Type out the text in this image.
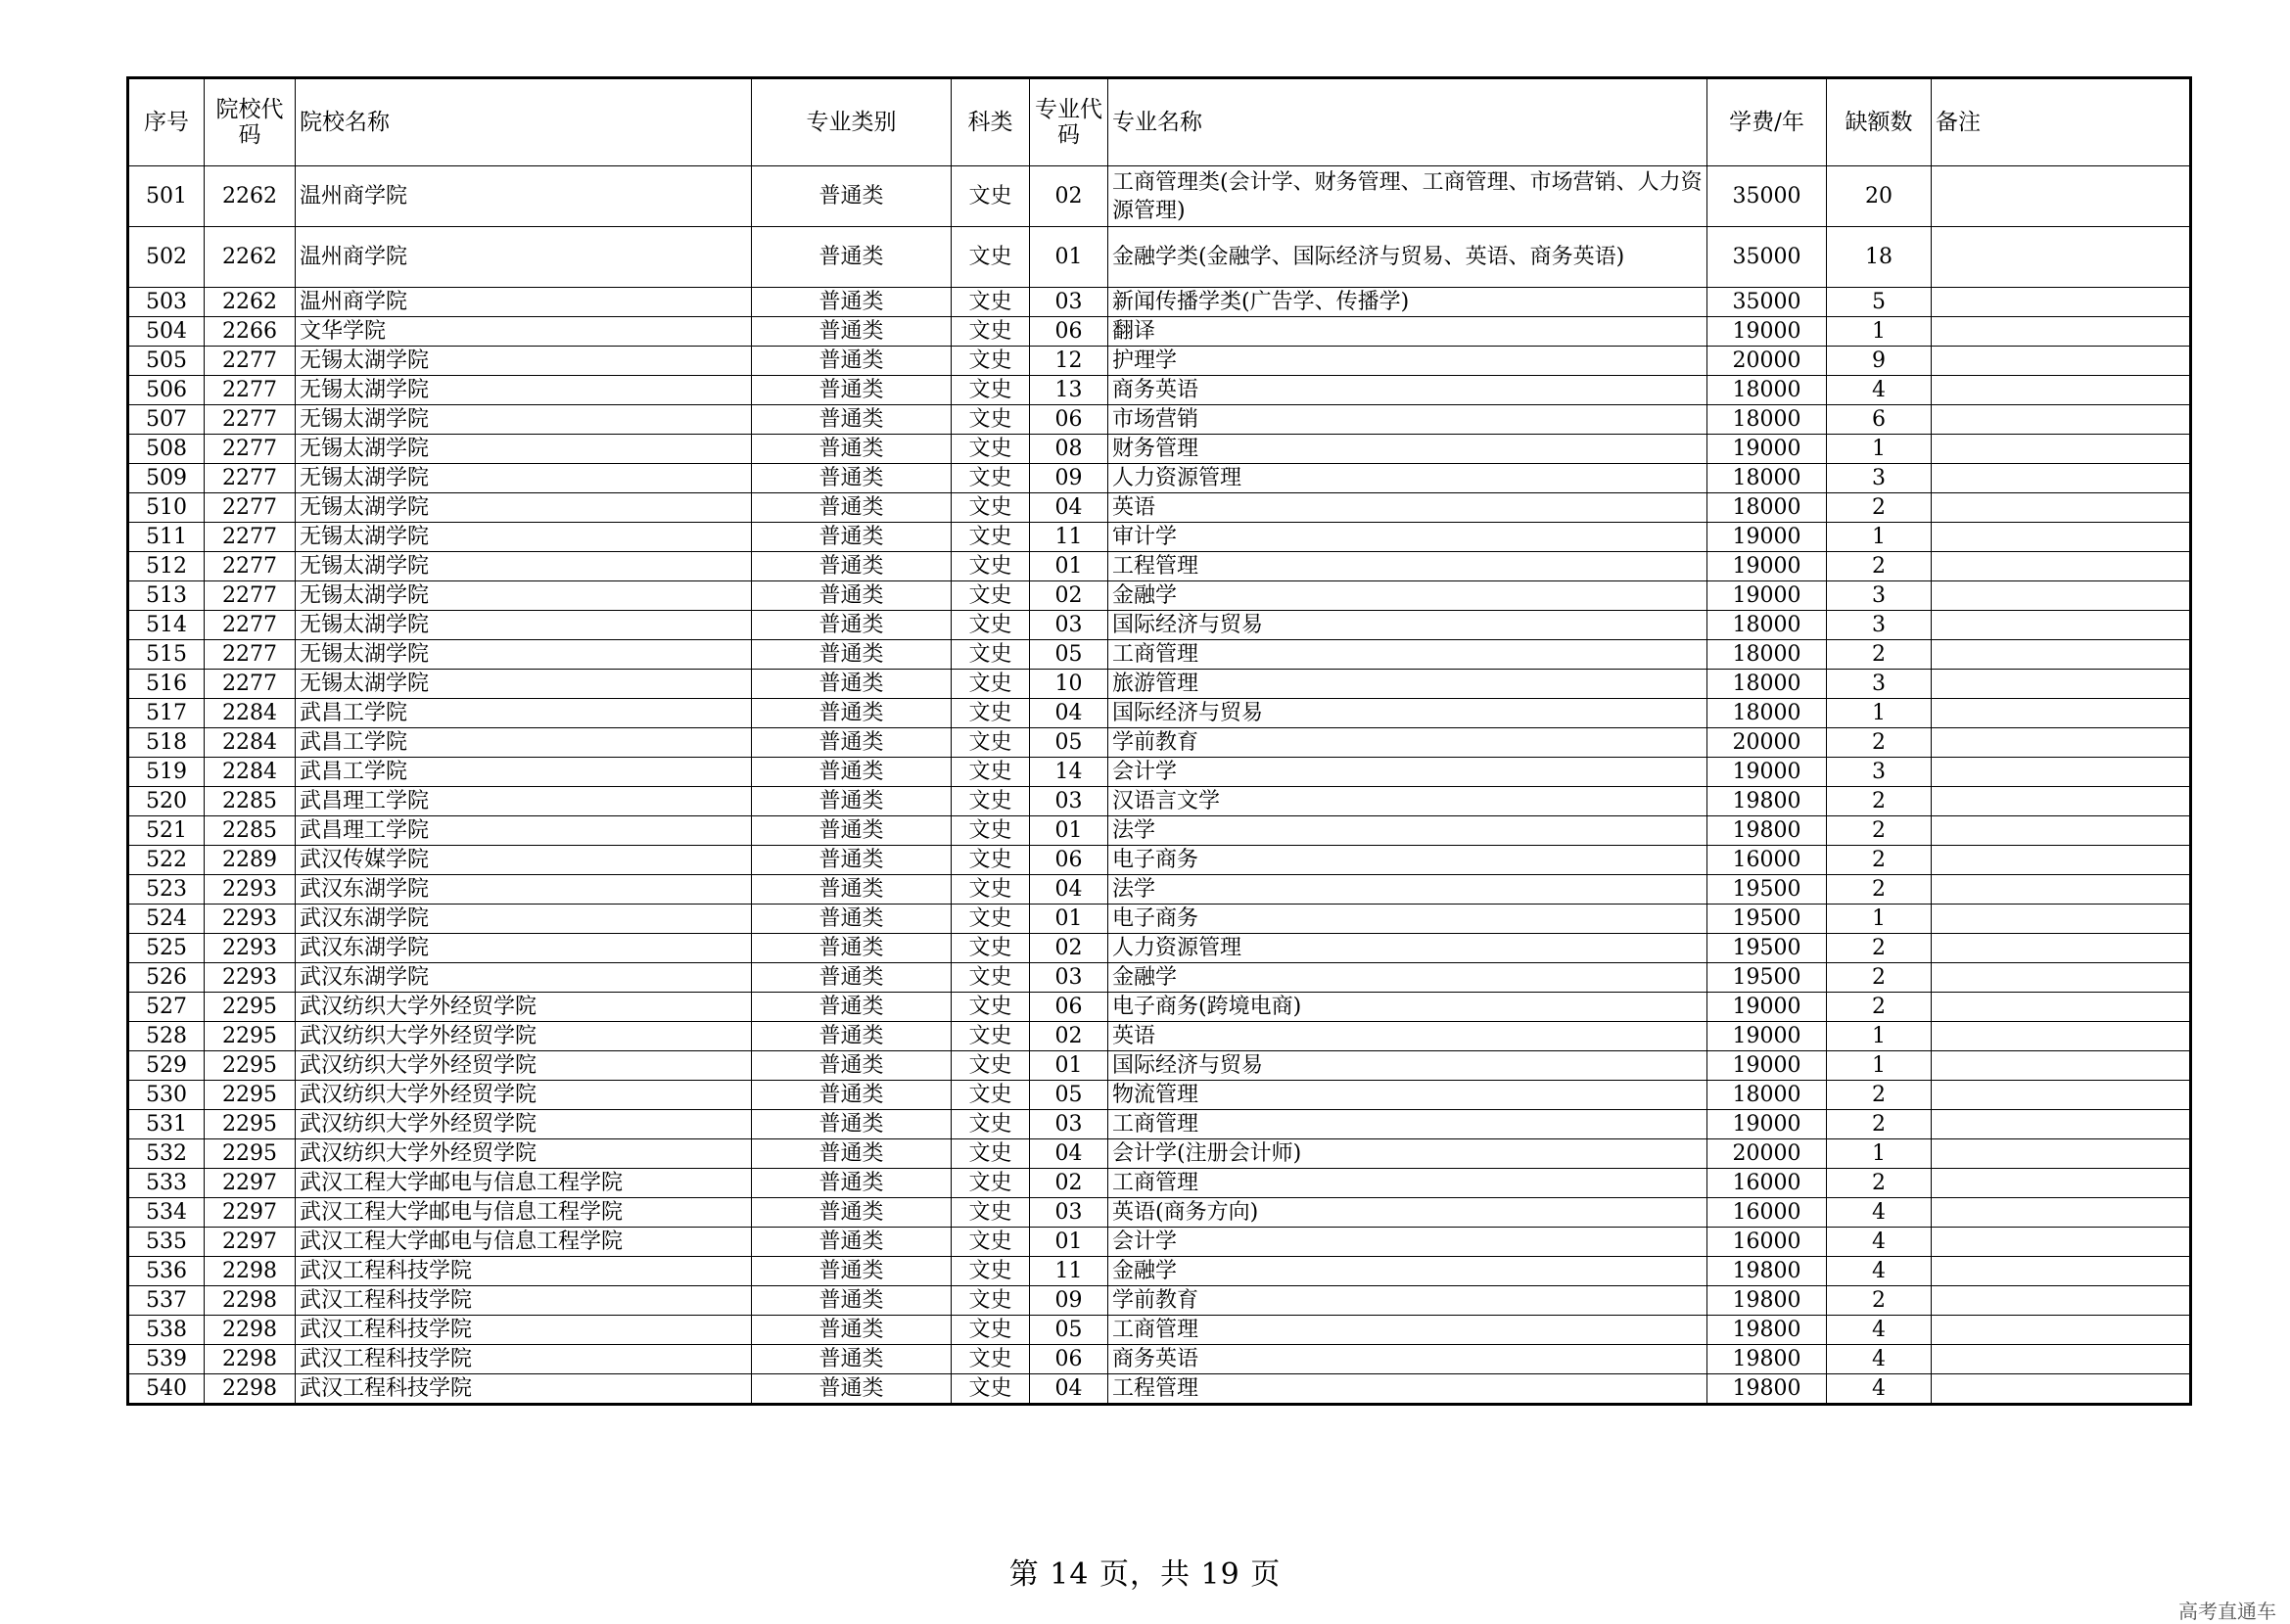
序号	院校代码	院校名称	专业类别	科类	专业代码	专业名称	学费/年	缺额数	备注
501	2262	温州商学院	普通类	文史	02	工商管理类(会计学、财务管理、工商管理、市场营销、人力资源管理)	35000	20	
502	2262	温州商学院	普通类	文史	01	金融学类(金融学、国际经济与贸易、英语、商务英语)	35000	18	
503	2262	温州商学院	普通类	文史	03	新闻传播学类(广告学、传播学)	35000	5	
504	2266	文华学院	普通类	文史	06	翻译	19000	1	
505	2277	无锡太湖学院	普通类	文史	12	护理学	20000	9	
506	2277	无锡太湖学院	普通类	文史	13	商务英语	18000	4	
507	2277	无锡太湖学院	普通类	文史	06	市场营销	18000	6	
508	2277	无锡太湖学院	普通类	文史	08	财务管理	19000	1	
509	2277	无锡太湖学院	普通类	文史	09	人力资源管理	18000	3	
510	2277	无锡太湖学院	普通类	文史	04	英语	18000	2	
511	2277	无锡太湖学院	普通类	文史	11	审计学	19000	1	
512	2277	无锡太湖学院	普通类	文史	01	工程管理	19000	2	
513	2277	无锡太湖学院	普通类	文史	02	金融学	19000	3	
514	2277	无锡太湖学院	普通类	文史	03	国际经济与贸易	18000	3	
515	2277	无锡太湖学院	普通类	文史	05	工商管理	18000	2	
516	2277	无锡太湖学院	普通类	文史	10	旅游管理	18000	3	
517	2284	武昌工学院	普通类	文史	04	国际经济与贸易	18000	1	
518	2284	武昌工学院	普通类	文史	05	学前教育	20000	2	
519	2284	武昌工学院	普通类	文史	14	会计学	19000	3	
520	2285	武昌理工学院	普通类	文史	03	汉语言文学	19800	2	
521	2285	武昌理工学院	普通类	文史	01	法学	19800	2	
522	2289	武汉传媒学院	普通类	文史	06	电子商务	16000	2	
523	2293	武汉东湖学院	普通类	文史	04	法学	19500	2	
524	2293	武汉东湖学院	普通类	文史	01	电子商务	19500	1	
525	2293	武汉东湖学院	普通类	文史	02	人力资源管理	19500	2	
526	2293	武汉东湖学院	普通类	文史	03	金融学	19500	2	
527	2295	武汉纺织大学外经贸学院	普通类	文史	06	电子商务(跨境电商)	19000	2	
528	2295	武汉纺织大学外经贸学院	普通类	文史	02	英语	19000	1	
529	2295	武汉纺织大学外经贸学院	普通类	文史	01	国际经济与贸易	19000	1	
530	2295	武汉纺织大学外经贸学院	普通类	文史	05	物流管理	18000	2	
531	2295	武汉纺织大学外经贸学院	普通类	文史	03	工商管理	19000	2	
532	2295	武汉纺织大学外经贸学院	普通类	文史	04	会计学(注册会计师)	20000	1	
533	2297	武汉工程大学邮电与信息工程学院	普通类	文史	02	工商管理	16000	2	
534	2297	武汉工程大学邮电与信息工程学院	普通类	文史	03	英语(商务方向)	16000	4	
535	2297	武汉工程大学邮电与信息工程学院	普通类	文史	01	会计学	16000	4	
536	2298	武汉工程科技学院	普通类	文史	11	金融学	19800	4	
537	2298	武汉工程科技学院	普通类	文史	09	学前教育	19800	2	
538	2298	武汉工程科技学院	普通类	文史	05	工商管理	19800	4	
539	2298	武汉工程科技学院	普通类	文史	06	商务英语	19800	4	
540	2298	武汉工程科技学院	普通类	文史	04	工程管理	19800	4	
第 14 页，共 19 页
高考直通车
